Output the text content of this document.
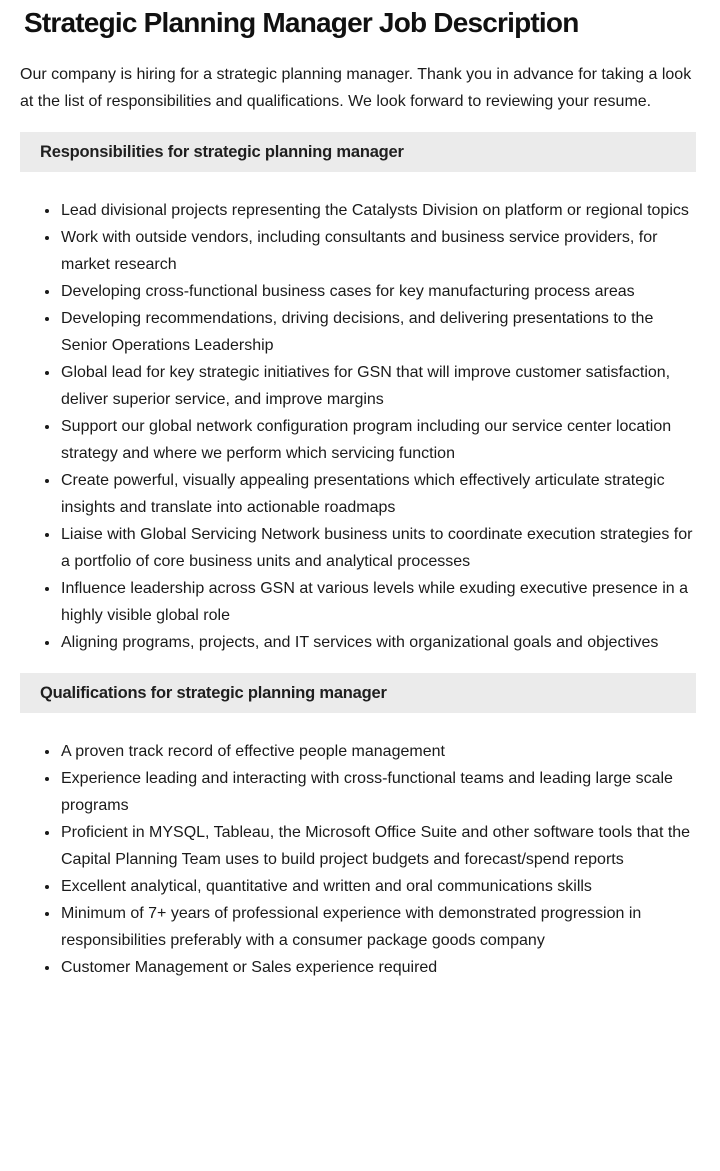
Strategic Planning Manager Job Description

Our company is hiring for a strategic planning manager. Thank you in advance for taking a look at the list of responsibilities and qualifications. We look forward to reviewing your resume.

Responsibilities for strategic planning manager
• Lead divisional projects representing the Catalysts Division on platform or regional topics
• Work with outside vendors, including consultants and business service providers, for market research
• Developing cross-functional business cases for key manufacturing process areas
• Developing recommendations, driving decisions, and delivering presentations to the Senior Operations Leadership
• Global lead for key strategic initiatives for GSN that will improve customer satisfaction, deliver superior service, and improve margins
• Support our global network configuration program including our service center location strategy and where we perform which servicing function
• Create powerful, visually appealing presentations which effectively articulate strategic insights and translate into actionable roadmaps
• Liaise with Global Servicing Network business units to coordinate execution strategies for a portfolio of core business units and analytical processes
• Influence leadership across GSN at various levels while exuding executive presence in a highly visible global role
• Aligning programs, projects, and IT services with organizational goals and objectives
Qualifications for strategic planning manager
• A proven track record of effective people management
• Experience leading and interacting with cross-functional teams and leading large scale programs
• Proficient in MYSQL, Tableau, the Microsoft Office Suite and other software tools that the Capital Planning Team uses to build project budgets and forecast/spend reports
• Excellent analytical, quantitative and written and oral communications skills
• Minimum of 7+ years of professional experience with demonstrated progression in responsibilities preferably with a consumer package goods company
• Customer Management or Sales experience required
